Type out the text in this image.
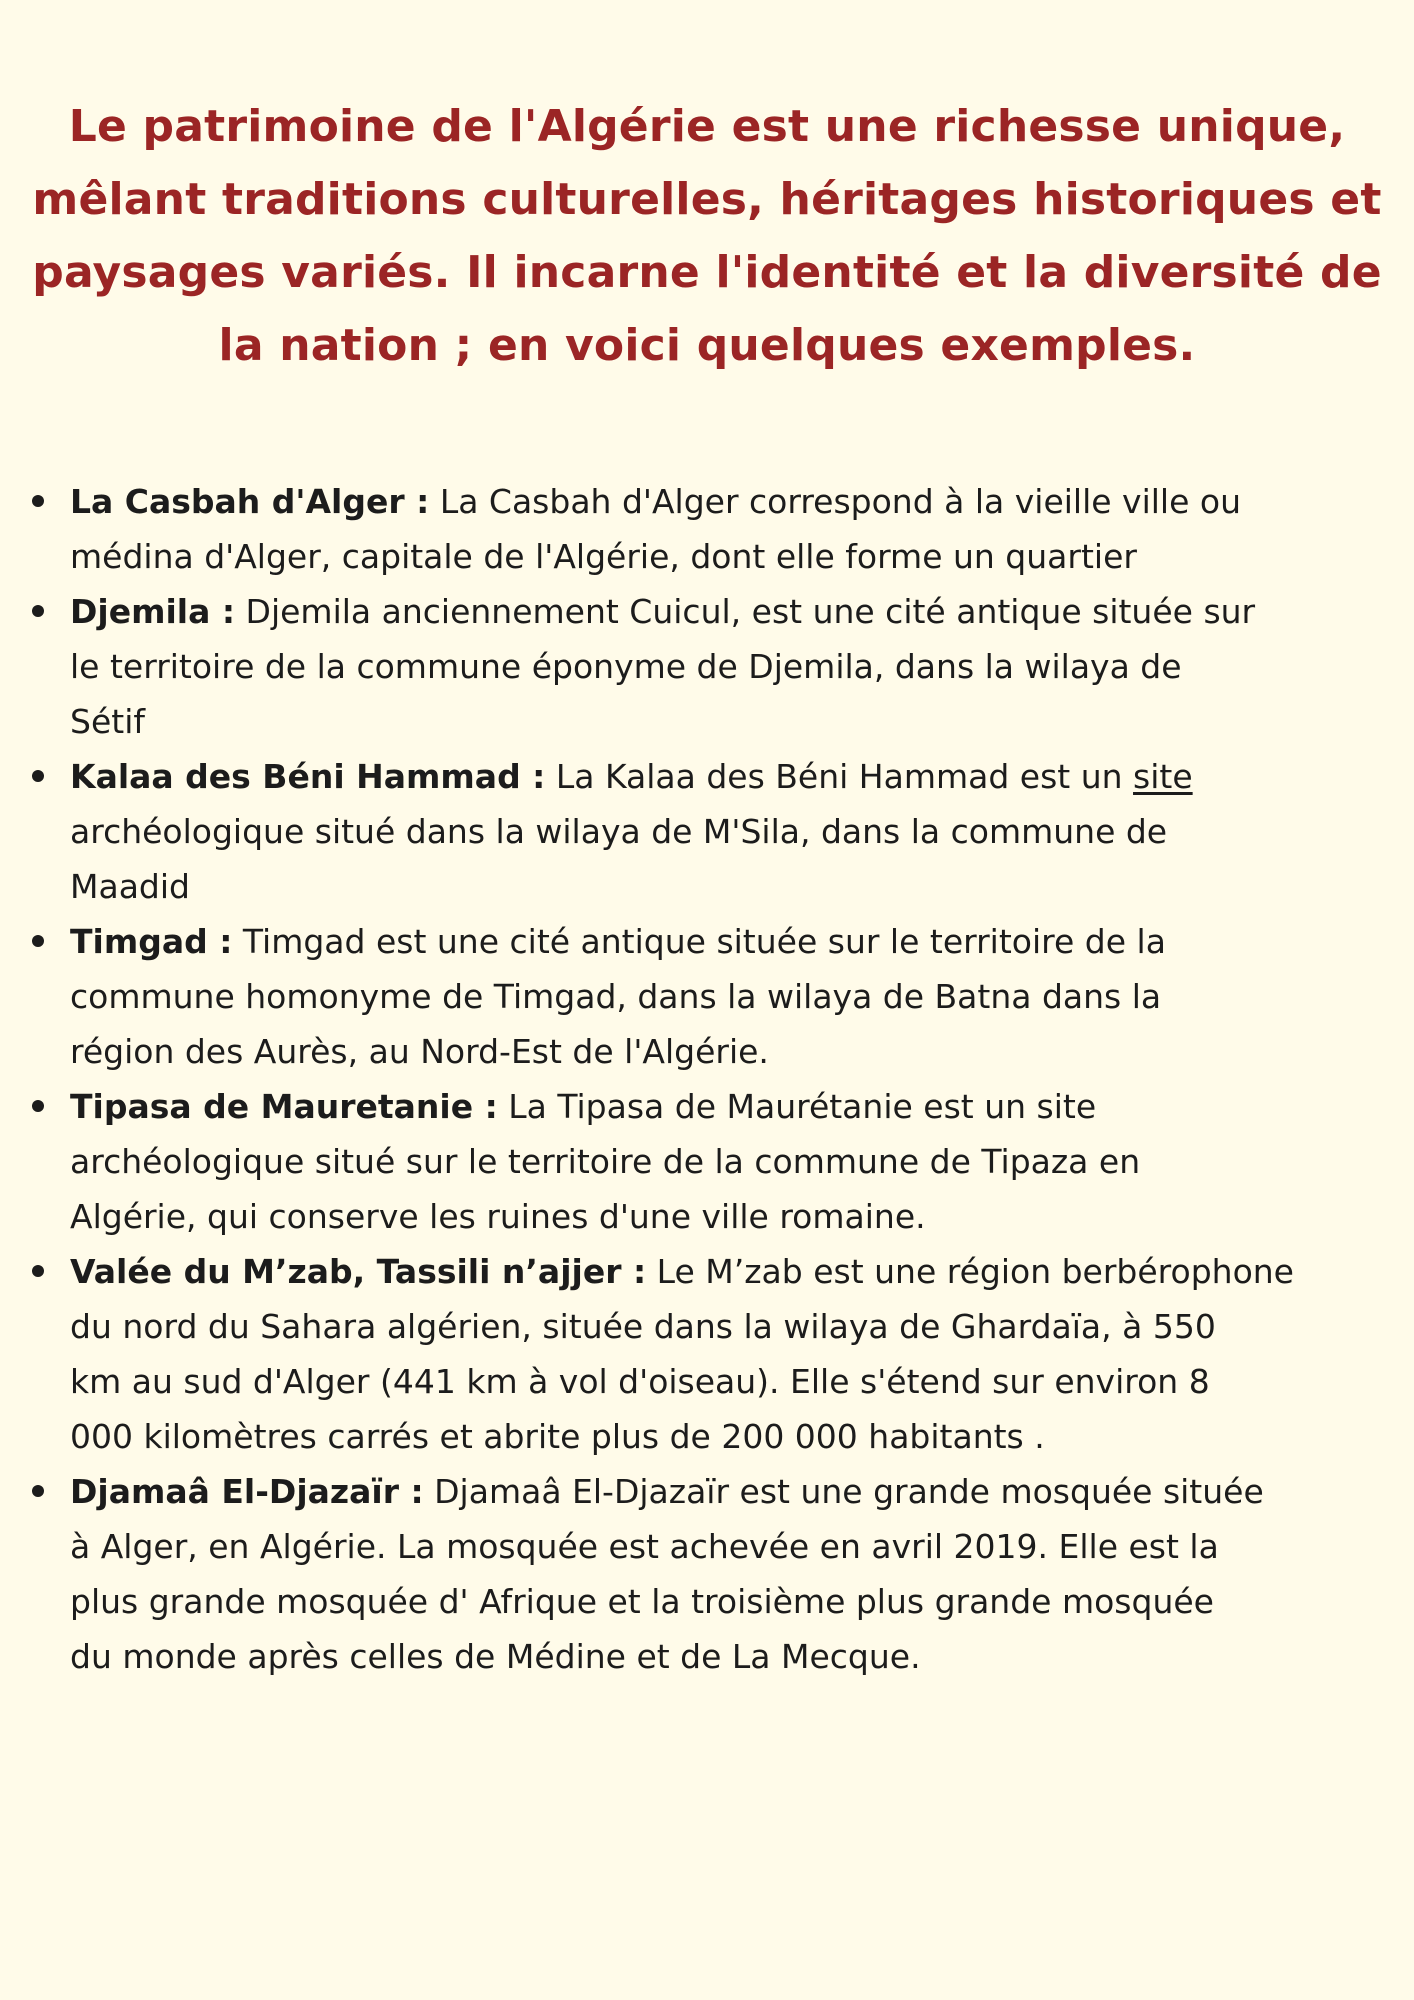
Le patrimoine de l'Algérie est une richesse unique,
mêlant traditions culturelles, héritages historiques et
paysages variés. Il incarne l'identité et la diversité de
la nation ; en voici quelques exemples.
La Casbah d'Alger : La Casbah d'Alger correspond à la vieille ville ou
médina d'Alger, capitale de l'Algérie, dont elle forme un quartier
Djemila : Djemila anciennement Cuicul, est une cité antique située sur
le territoire de la commune éponyme de Djemila, dans la wilaya de
Sétif
Kalaa des Béni Hammad : La Kalaa des Béni Hammad est un site
archéologique situé dans la wilaya de M'Sila, dans la commune de
Maadid
Timgad : Timgad est une cité antique située sur le territoire de la
commune homonyme de Timgad, dans la wilaya de Batna dans la
région des Aurès, au Nord-Est de l'Algérie.
Tipasa de Mauretanie : La Tipasa de Maurétanie est un site
archéologique situé sur le territoire de la commune de Tipaza en
Algérie, qui conserve les ruines d'une ville romaine.
Valée du M’zab, Tassili n’ajjer : Le M’zab est une région berbérophone
du nord du Sahara algérien, située dans la wilaya de Ghardaïa, à 550
km au sud d'Alger (441 km à vol d'oiseau). Elle s'étend sur environ 8
000 kilomètres carrés et abrite plus de 200 000 habitants .
Djamaâ El-Djazaïr : Djamaâ El-Djazaïr est une grande mosquée située
à Alger, en Algérie. La mosquée est achevée en avril 2019. Elle est la
plus grande mosquée d' Afrique et la troisième plus grande mosquée
du monde après celles de Médine et de La Mecque.
